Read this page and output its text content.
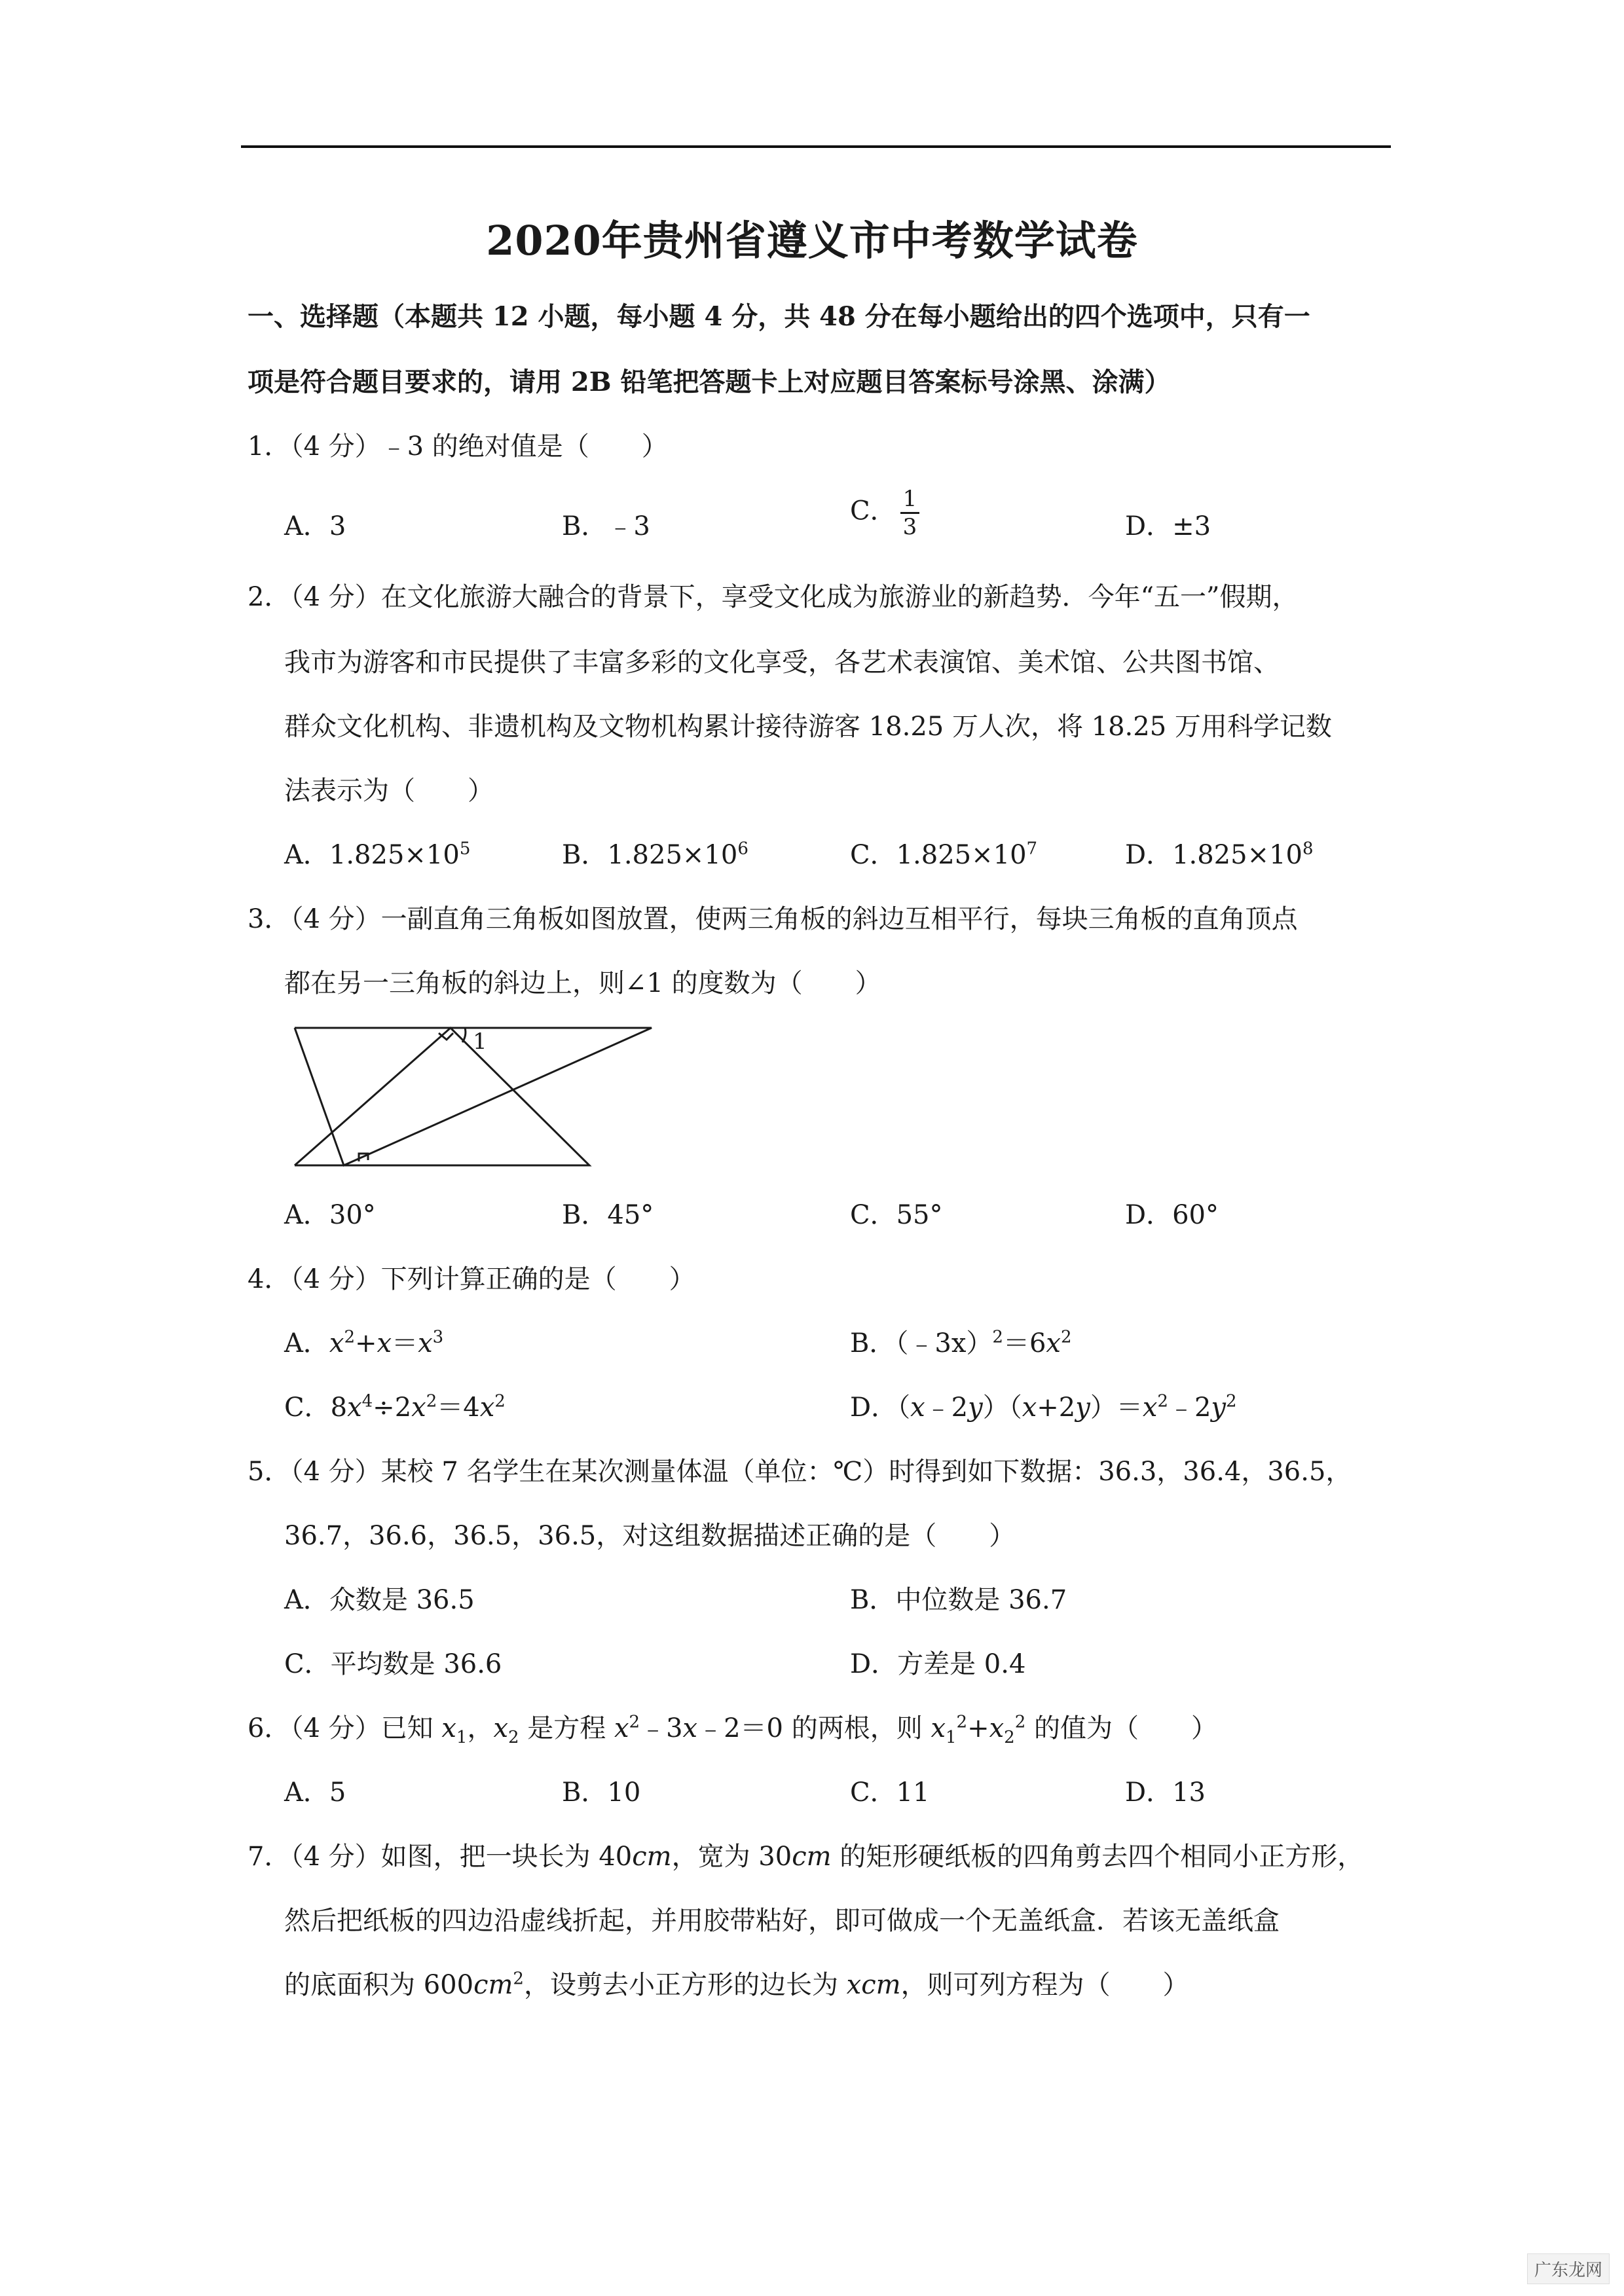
2020年贵州省遵义市中考数学试卷
一、选择题（本题共 12 小题，每小题 4 分，共 48 分在每小题给出的四个选项中，只有一
项是符合题目要求的，请用 2B 铅笔把答题卡上对应题目答案标号涂黑、涂满）
1．（4 分）﹣3 的绝对值是（　　）
A．3	B．﹣3
C． $\frac{1}{3}$	D．±3
2．（4 分）在文化旅游大融合的背景下，享受文化成为旅游业的新趋势．今年“五一”假期，
我市为游客和市民提供了丰富多彩的文化享受，各艺术表演馆、美术馆、公共图书馆、
群众文化机构、非遗机构及文物机构累计接待游客 18.25 万人次，将 18.25 万用科学记数
法表示为（　　）
A．$1.825\times 10^5$	B．$1.825\times 10^6$	C．$1.825\times 10^7$	D．$1.825\times 10^8$
3．（4 分）一副直角三角板如图放置，使两三角板的斜边互相平行，每块三角板的直角顶点
都在另一三角板的斜边上，则∠1 的度数为（　　）
1
A．30°	B．45°	C．55°	D．60°
4．（4 分）下列计算正确的是（　　）
A．$x^2+x=x^3$	B．$(﹣3x)^2=6x^2$
C．$8x^4\div 2x^2=4x^2$	D．$(x﹣2y)(x+2y)=x^2﹣2y^2$
5．（4 分）某校 7 名学生在某次测量体温（单位：℃）时得到如下数据：36.3，36.4，36.5，
36.7，36.6，36.5，36.5，对这组数据描述正确的是（　　）
A．众数是 36.5	B．中位数是 36.7
C．平均数是 36.6	D．方差是 0.4
6．（4 分）已知 $x_1$，$x_2$ 是方程 $x^2﹣3x﹣2=0$ 的两根，则 $x_1^2+x_2^2$ 的值为（　　）
A．5	B．10	C．11	D．13
7．（4 分）如图，把一块长为 40cm，宽为 30cm 的矩形硬纸板的四角剪去四个相同小正方形，
然后把纸板的四边沿虚线折起，并用胶带粘好，即可做成一个无盖纸盒．若该无盖纸盒
的底面积为 $600cm^2$，设剪去小正方形的边长为 xcm，则可列方程为（　　）
广东龙网
